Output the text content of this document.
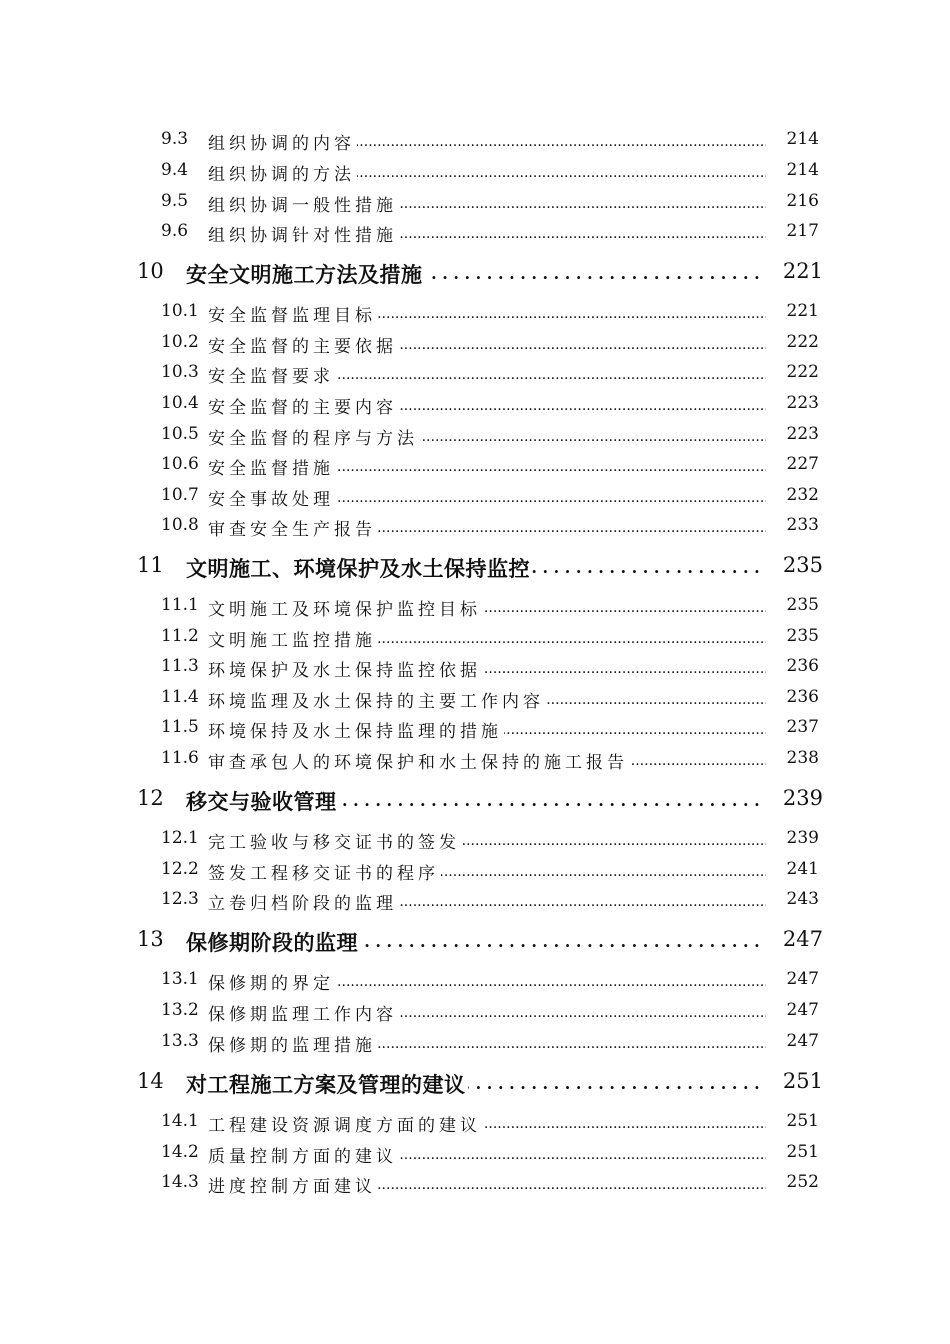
9.3 组织协调的内容 .....	214
9.4 组织协调的方法 .....	214
9.5 组织协调一般性措施 .....	216
9.6 组织协调针对性措施 .....	217
10 安全文明施工方法及措施 . . .	221
10.1 安全监督监理目标 .....	221
10.2 安全监督的主要依据 .....	222
10.3 安全监督要求 .....	222
10.4 安全监督的主要内容 .....	223
10.5 安全监督的程序与方法 .....	223
10.6 安全监督措施 .....	227
10.7 安全事故处理 .....	232
10.8 审查安全生产报告 .....	233
11 文明施工、环境保护及水土保持监控 . . .	235
11.1 文明施工及环境保护监控目标 .....	235
11.2 文明施工监控措施 .....	235
11.3 环境保护及水土保持监控依据 .....	236
11.4 环境监理及水土保持的主要工作内容 .....	236
11.5 环境保持及水土保持监理的措施 .....	237
11.6 审查承包人的环境保护和水土保持的施工报告 .....	238
12 移交与验收管理 . . .	239
12.1 完工验收与移交证书的签发 .....	239
12.2 签发工程移交证书的程序 .....	241
12.3 立卷归档阶段的监理 .....	243
13 保修期阶段的监理 . . .	247
13.1 保修期的界定 .....	247
13.2 保修期监理工作内容 .....	247
13.3 保修期的监理措施 .....	247
14 对工程施工方案及管理的建议 . . .	251
14.1 工程建设资源调度方面的建议 .....	251
14.2 质量控制方面的建议 .....	251
14.3 进度控制方面建议 .....	252
